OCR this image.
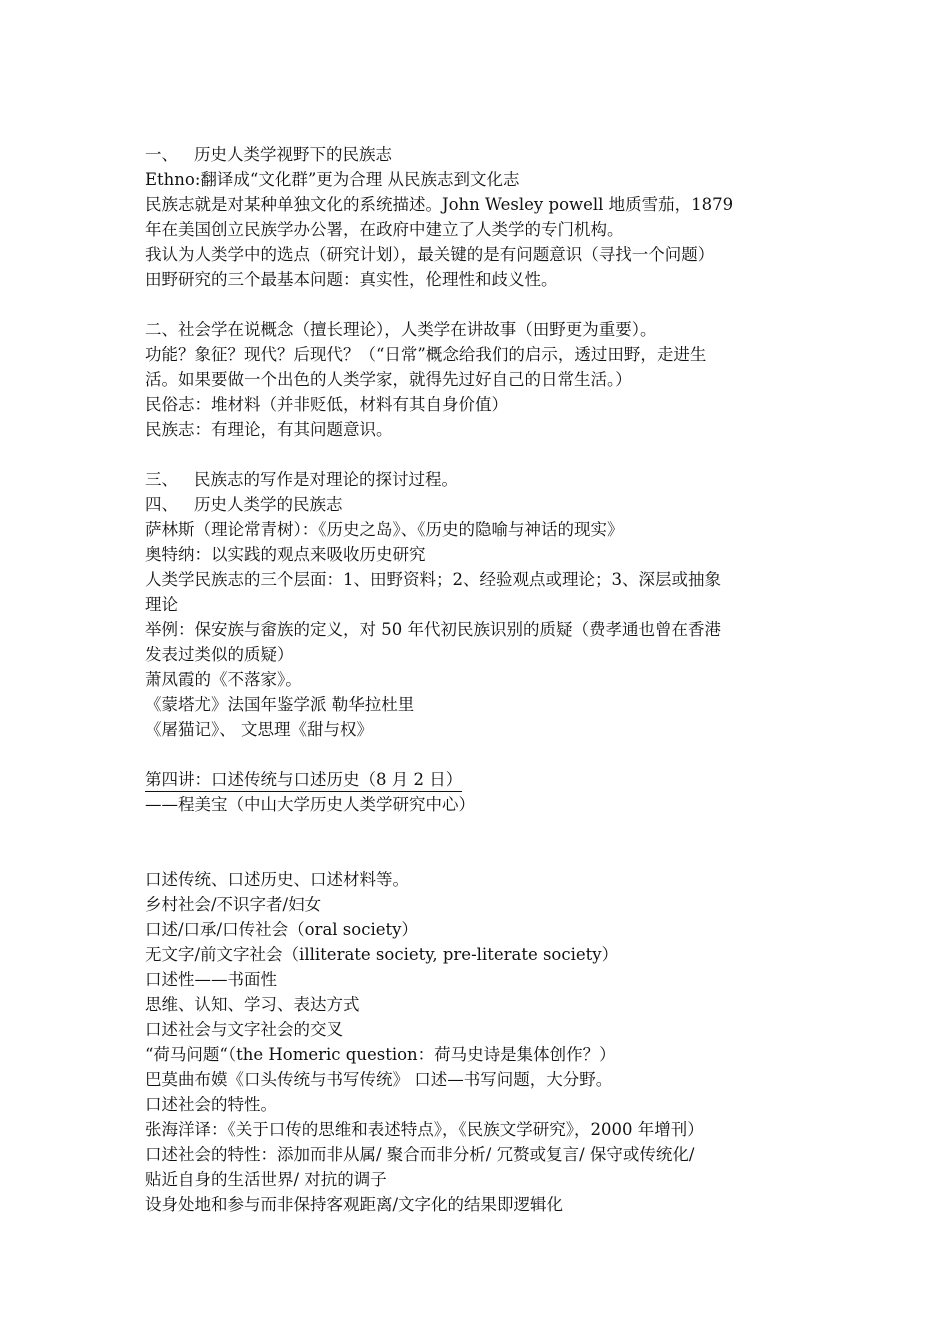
一、 历史人类学视野下的民族志
Ethno:翻译成“文化群”更为合理 从民族志到文化志
民族志就是对某种单独文化的系统描述。John Wesley powell 地质雪茄，1879
年在美国创立民族学办公署，在政府中建立了人类学的专门机构。
我认为人类学中的选点（研究计划），最关键的是有问题意识（寻找一个问题）
田野研究的三个最基本问题：真实性，伦理性和歧义性。
二、社会学在说概念（擅长理论），人类学在讲故事（田野更为重要）。
功能？象征？现代？后现代？（“日常”概念给我们的启示，透过田野，走进生
活。如果要做一个出色的人类学家，就得先过好自己的日常生活。）
民俗志：堆材料（并非贬低，材料有其自身价值）
民族志：有理论，有其问题意识。
三、 民族志的写作是对理论的探讨过程。
四、 历史人类学的民族志
萨林斯（理论常青树）：《历史之岛》、《历史的隐喻与神话的现实》
奥特纳：以实践的观点来吸收历史研究
人类学民族志的三个层面：1、田野资料；2、经验观点或理论；3、深层或抽象
理论
举例：保安族与畲族的定义，对 50 年代初民族识别的质疑（费孝通也曾在香港
发表过类似的质疑）
萧凤霞的《不落家》。
《蒙塔尤》法国年鉴学派 勒华拉杜里
《屠猫记》、 文思理《甜与权》
第四讲：口述传统与口述历史（8 月 2 日）
——程美宝（中山大学历史人类学研究中心）
口述传统、口述历史、口述材料等。
乡村社会/不识字者/妇女
口述/口承/口传社会（oral society）
无文字/前文字社会（illiterate society, pre-literate society）
口述性——书面性
思维、认知、学习、表达方式
口述社会与文字社会的交叉
“荷马问题“（the Homeric question：荷马史诗是集体创作？）
巴莫曲布嫫《口头传统与书写传统》 口述—书写问题，大分野。
口述社会的特性。
张海洋译：《关于口传的思维和表述特点》，《民族文学研究》，2000 年增刊）
口述社会的特性：添加而非从属/ 聚合而非分析/ 冗赘或复言/ 保守或传统化/
贴近自身的生活世界/ 对抗的调子
设身处地和参与而非保持客观距离/文字化的结果即逻辑化
